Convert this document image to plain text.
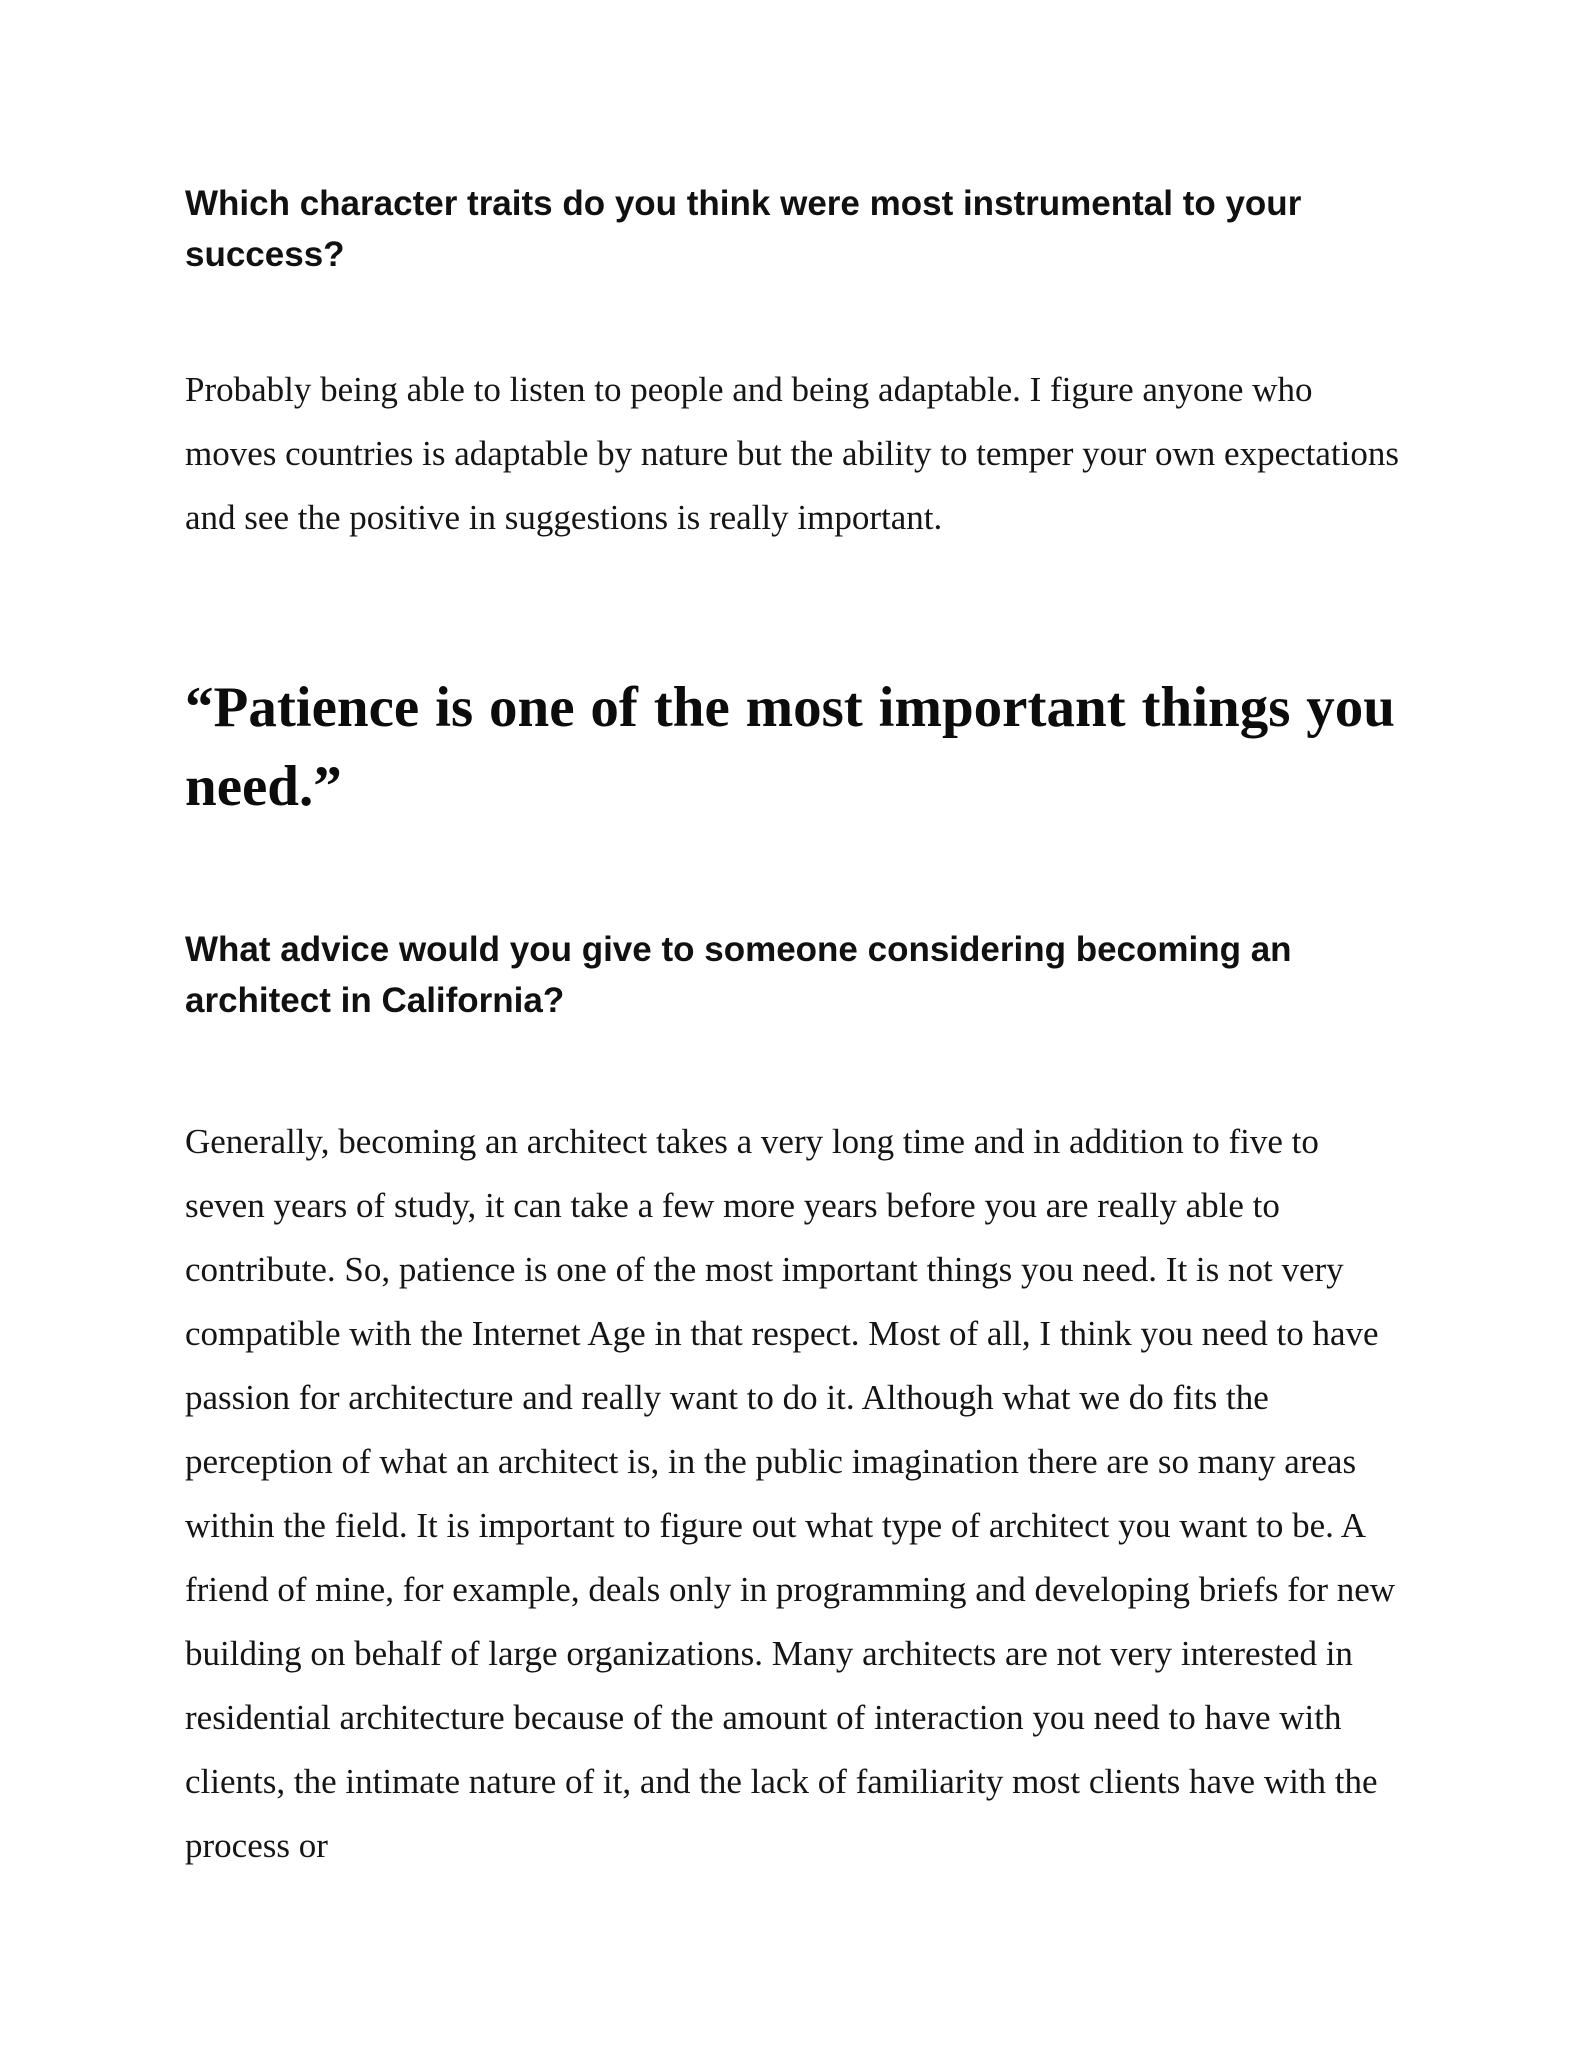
Which character traits do you think were most instrumental to your success?

Probably being able to listen to people and being adaptable. I figure anyone who moves countries is adaptable by nature but the ability to temper your own expectations and see the positive in suggestions is really important.

“Patience is one of the most important things you need.”
What advice would you give to someone considering becoming an architect in California?

Generally, becoming an architect takes a very long time and in addition to five to seven years of study, it can take a few more years before you are really able to contribute. So, patience is one of the most important things you need. It is not very compatible with the Internet Age in that respect. Most of all, I think you need to have passion for architecture and really want to do it. Although what we do fits the perception of what an architect is, in the public imagination there are so many areas within the field. It is important to figure out what type of architect you want to be. A friend of mine, for example, deals only in programming and developing briefs for new building on behalf of large organizations. Many architects are not very interested in residential architecture because of the amount of interaction you need to have with clients, the intimate nature of it, and the lack of familiarity most clients have with the process or
